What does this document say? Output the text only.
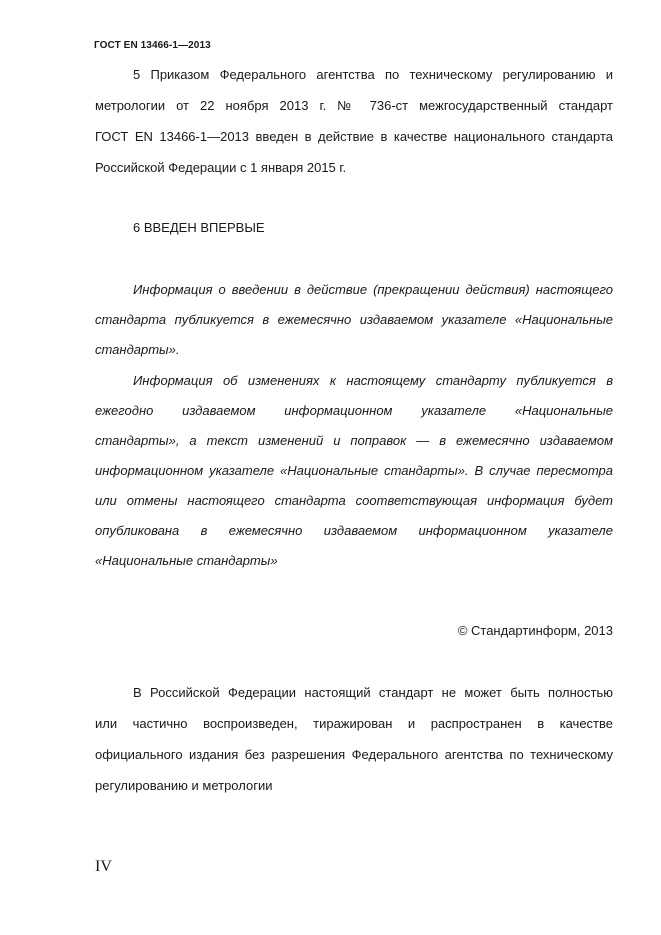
ГОСТ EN 13466-1—2013
5 Приказом Федерального агентства по техническому регулированию и
метрологии от 22 ноября 2013 г. № 736-ст межгосударственный стандарт
ГОСТ EN 13466-1—2013 введен в действие в качестве национального стандарта
Российской Федерации с 1 января 2015 г.
6 ВВЕДЕН ВПЕРВЫЕ
Информация о введении в действие (прекращении действия) настоящего
стандарта публикуется в ежемесячно издаваемом указателе «Национальные
стандарты».
Информация об изменениях к настоящему стандарту публикуется в
ежегодно издаваемом информационном указателе «Национальные
стандарты», а текст изменений и поправок — в ежемесячно издаваемом
информационном указателе «Национальные стандарты». В случае пересмотра
или отмены настоящего стандарта соответствующая информация будет
опубликована в ежемесячно издаваемом информационном указателе
«Национальные стандарты»
© Стандартинформ, 2013
В Российской Федерации настоящий стандарт не может быть полностью
или частично воспроизведен, тиражирован и распространен в качестве
официального издания без разрешения Федерального агентства по техническому
регулированию и метрологии
IV
